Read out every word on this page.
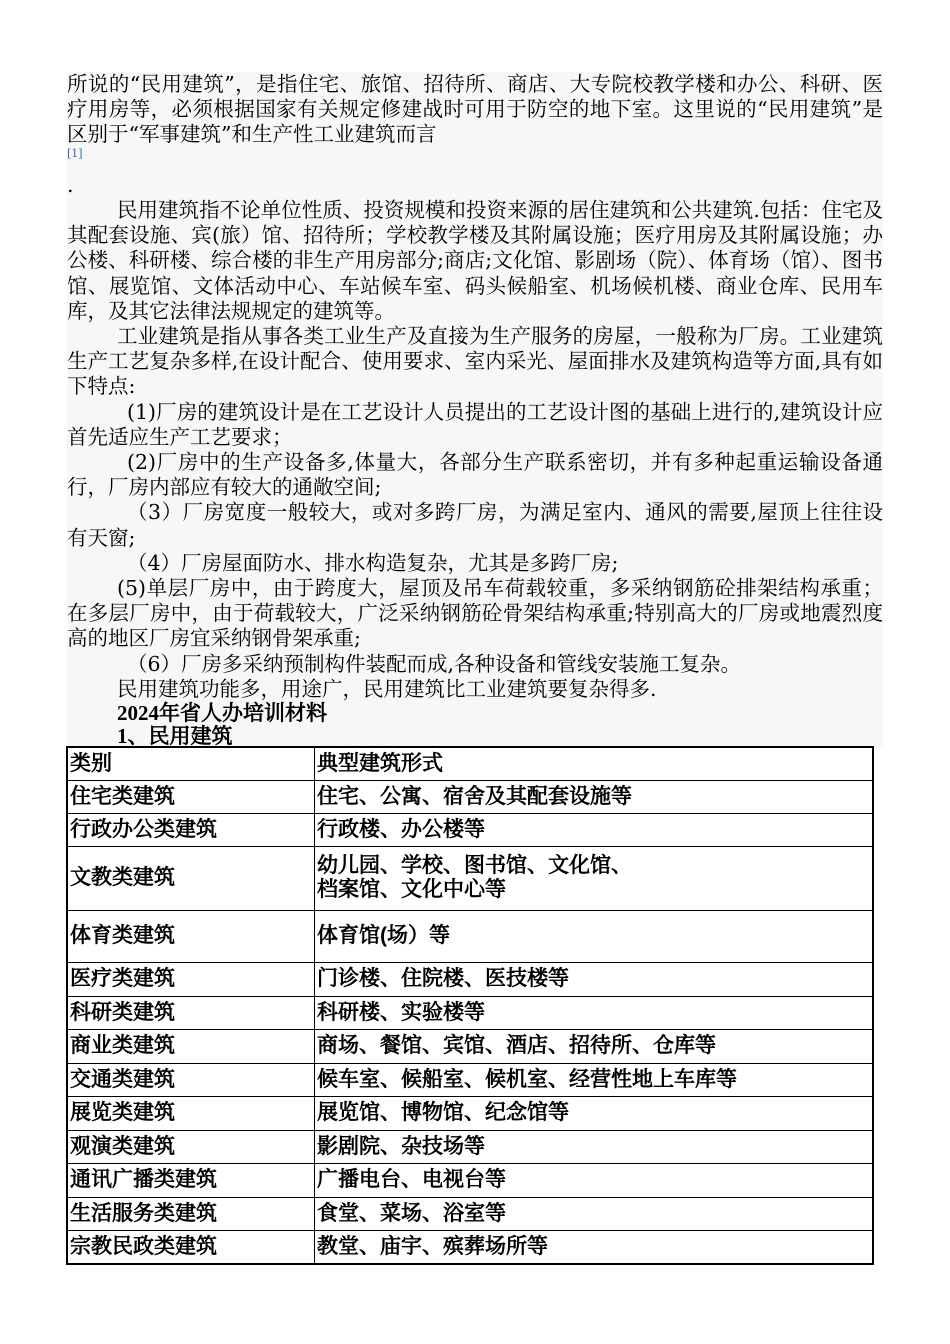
所说的“民用建筑”，是指住宅、旅馆、招待所、商店、大专院校教学楼和办公、科研、医疗用房等，必须根据国家有关规定修建战时可用于防空的地下室。这里说的“民用建筑”是区别于“军事建筑”和生产性工业建筑而言
[1]
.

民用建筑指不论单位性质、投资规模和投资来源的居住建筑和公共建筑.包括：住宅及其配套设施、宾(旅）馆、招待所；学校教学楼及其附属设施；医疗用房及其附属设施；办公楼、科研楼、综合楼的非生产用房部分;商店;文化馆、影剧场（院）、体育场（馆）、图书馆、展览馆、文体活动中心、车站候车室、码头候船室、机场候机楼、商业仓库、民用车库，及其它法律法规规定的建筑等。

工业建筑是指从事各类工业生产及直接为生产服务的房屋，一般称为厂房。工业建筑生产工艺复杂多样,在设计配合、使用要求、室内采光、屋面排水及建筑构造等方面,具有如下特点:

(1)厂房的建筑设计是在工艺设计人员提出的工艺设计图的基础上进行的,建筑设计应首先适应生产工艺要求；

(2)厂房中的生产设备多,体量大，各部分生产联系密切，并有多种起重运输设备通行，厂房内部应有较大的通敞空间;

（3）厂房宽度一般较大，或对多跨厂房，为满足室内、通风的需要,屋顶上往往设有天窗;

（4）厂房屋面防水、排水构造复杂，尤其是多跨厂房;

(5)单层厂房中，由于跨度大，屋顶及吊车荷载较重，多采纳钢筋砼排架结构承重；在多层厂房中，由于荷载较大，广泛采纳钢筋砼骨架结构承重;特别高大的厂房或地震烈度高的地区厂房宜采纳钢骨架承重;

（6）厂房多采纳预制构件装配而成,各种设备和管线安装施工复杂。

民用建筑功能多，用途广，民用建筑比工业建筑要复杂得多.

2024年省人办培训材料

1、民用建筑

类别	典型建筑形式
住宅类建筑	住宅、公寓、宿舍及其配套设施等
行政办公类建筑	行政楼、办公楼等
文教类建筑	幼儿园、学校、图书馆、文化馆、
档案馆、文化中心等
体育类建筑	体育馆(场）等
医疗类建筑	门诊楼、住院楼、医技楼等
科研类建筑	科研楼、实验楼等
商业类建筑	商场、餐馆、宾馆、酒店、招待所、仓库等
交通类建筑	候车室、候船室、候机室、经营性地上车库等
展览类建筑	展览馆、博物馆、纪念馆等
观演类建筑	影剧院、杂技场等
通讯广播类建筑	广播电台、电视台等
生活服务类建筑	食堂、菜场、浴室等
宗教民政类建筑	教堂、庙宇、殡葬场所等
